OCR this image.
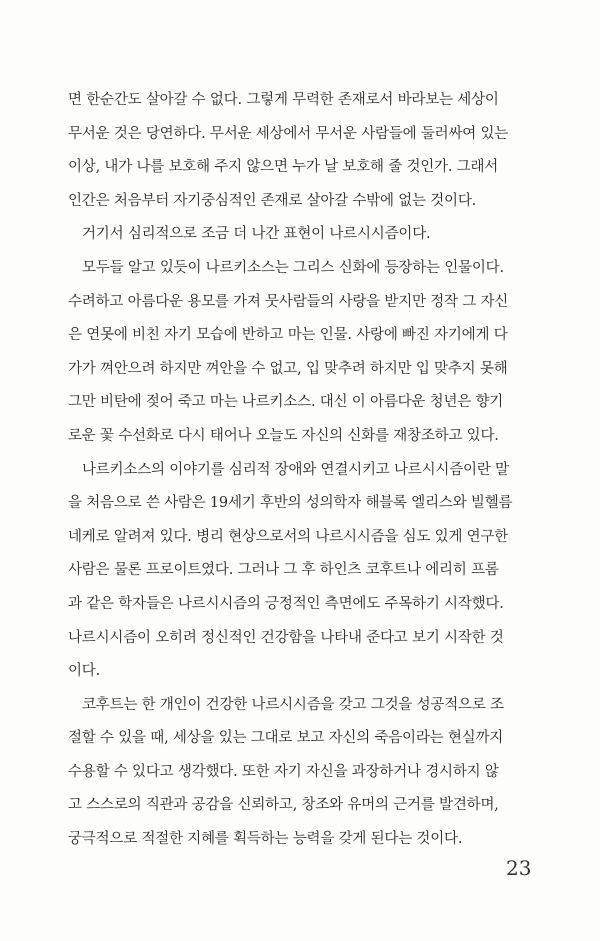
면 한순간도 살아갈 수 없다. 그렇게 무력한 존재로서 바라보는 세상이
무서운 것은 당연하다. 무서운 세상에서 무서운 사람들에 둘러싸여 있는
이상, 내가 나를 보호해 주지 않으면 누가 날 보호해 줄 것인가. 그래서
인간은 처음부터 자기중심적인 존재로 살아갈 수밖에 없는 것이다.
거기서 심리적으로 조금 더 나간 표현이 나르시시즘이다.
모두들 알고 있듯이 나르키소스는 그리스 신화에 등장하는 인물이다.
수려하고 아름다운 용모를 가져 뭇사람들의 사랑을 받지만 정작 그 자신
은 연못에 비친 자기 모습에 반하고 마는 인물. 사랑에 빠진 자기에게 다
가가 껴안으려 하지만 껴안을 수 없고, 입 맞추려 하지만 입 맞추지 못해
그만 비탄에 젖어 죽고 마는 나르키소스. 대신 이 아름다운 청년은 향기
로운 꽃 수선화로 다시 태어나 오늘도 자신의 신화를 재창조하고 있다.
나르키소스의 이야기를 심리적 장애와 연결시키고 나르시시즘이란 말
을 처음으로 쓴 사람은 19세기 후반의 성의학자 해블록 엘리스와 빌헬름
네케로 알려져 있다. 병리 현상으로서의 나르시시즘을 심도 있게 연구한
사람은 물론 프로이트였다. 그러나 그 후 하인츠 코후트나 에리히 프롬
과 같은 학자들은 나르시시즘의 긍정적인 측면에도 주목하기 시작했다.
나르시시즘이 오히려 정신적인 건강함을 나타내 준다고 보기 시작한 것
이다.
코후트는 한 개인이 건강한 나르시시즘을 갖고 그것을 성공적으로 조
절할 수 있을 때, 세상을 있는 그대로 보고 자신의 죽음이라는 현실까지
수용할 수 있다고 생각했다. 또한 자기 자신을 과장하거나 경시하지 않
고 스스로의 직관과 공감을 신뢰하고, 창조와 유머의 근거를 발견하며,
궁극적으로 적절한 지혜를 획득하는 능력을 갖게 된다는 것이다.
23
